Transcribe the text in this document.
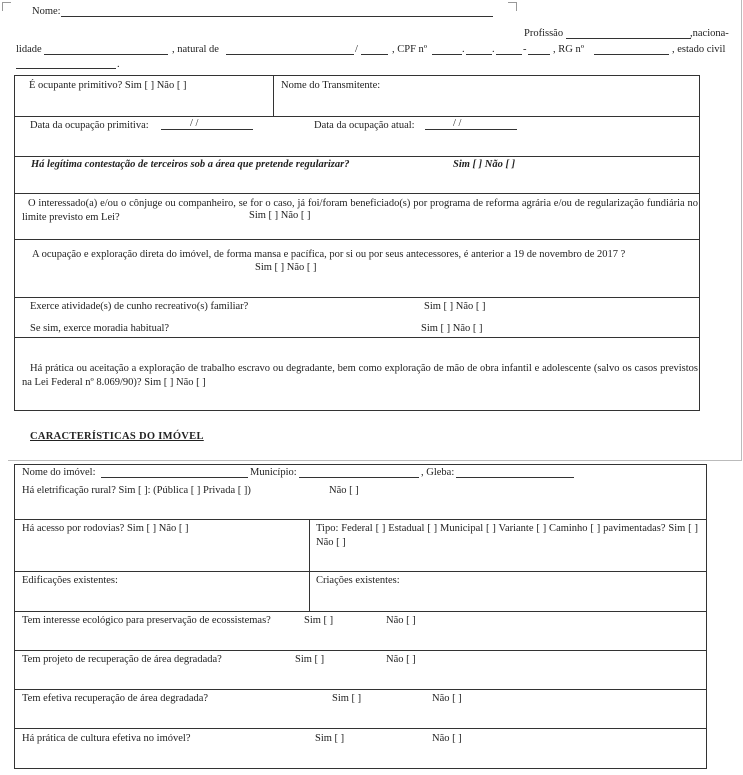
Nome:
Profissão	,naciona-
lidade	, natural de	/	, CPF nº	.	.	-	, RG nº	, estado civil
.
É ocupante primitivo? Sim [ ] Não [ ]	Nome do Transmitente:
Data da ocupação primitiva:	/ /	Data da ocupação atual:	/ /
Há legítima contestação de terceiros sob a área que pretende regularizar?	Sim [ ] Não [ ]
O interessado(a) e/ou o cônjuge ou companheiro, se for o caso, já foi/foram beneficiado(s) por programa de reforma agrária e/ou de regularização fundiária no limite previsto em Lei?	Sim [ ] Não [ ]
A ocupação e exploração direta do imóvel, de forma mansa e pacífica, por si ou por seus antecessores, é anterior a 19 de novembro de 2017 ?
Sim [ ] Não [ ]
Exerce atividade(s) de cunho recreativo(s) familiar?	Sim [ ] Não [ ]
Se sim, exerce moradia habitual?	Sim [ ] Não [ ]
Há prática ou aceitação a exploração de trabalho escravo ou degradante, bem como exploração de mão de obra infantil e adolescente (salvo os casos previstos na Lei Federal nº 8.069/90)? Sim [ ] Não [ ]
CARACTERÍSTICAS DO IMÓVEL
Nome do imóvel:	Município:	, Gleba:
Há eletrificação rural? Sim [ ]: (Pública [ ] Privada [ ])	Não [ ]
Há acesso por rodovias? Sim [ ] Não [ ]	Tipo: Federal [ ] Estadual [ ] Municipal [ ] Variante [ ] Caminho [ ] pavimentadas? Sim [ ] Não [ ]
Edificações existentes:	Criações existentes:
Tem interesse ecológico para preservação de ecossistemas?	Sim [ ]	Não [ ]
Tem projeto de recuperação de área degradada?	Sim [ ]	Não [ ]
Tem efetiva recuperação de área degradada?	Sim [ ]	Não [ ]
Há prática de cultura efetiva no imóvel?	Sim [ ]	Não [ ]
